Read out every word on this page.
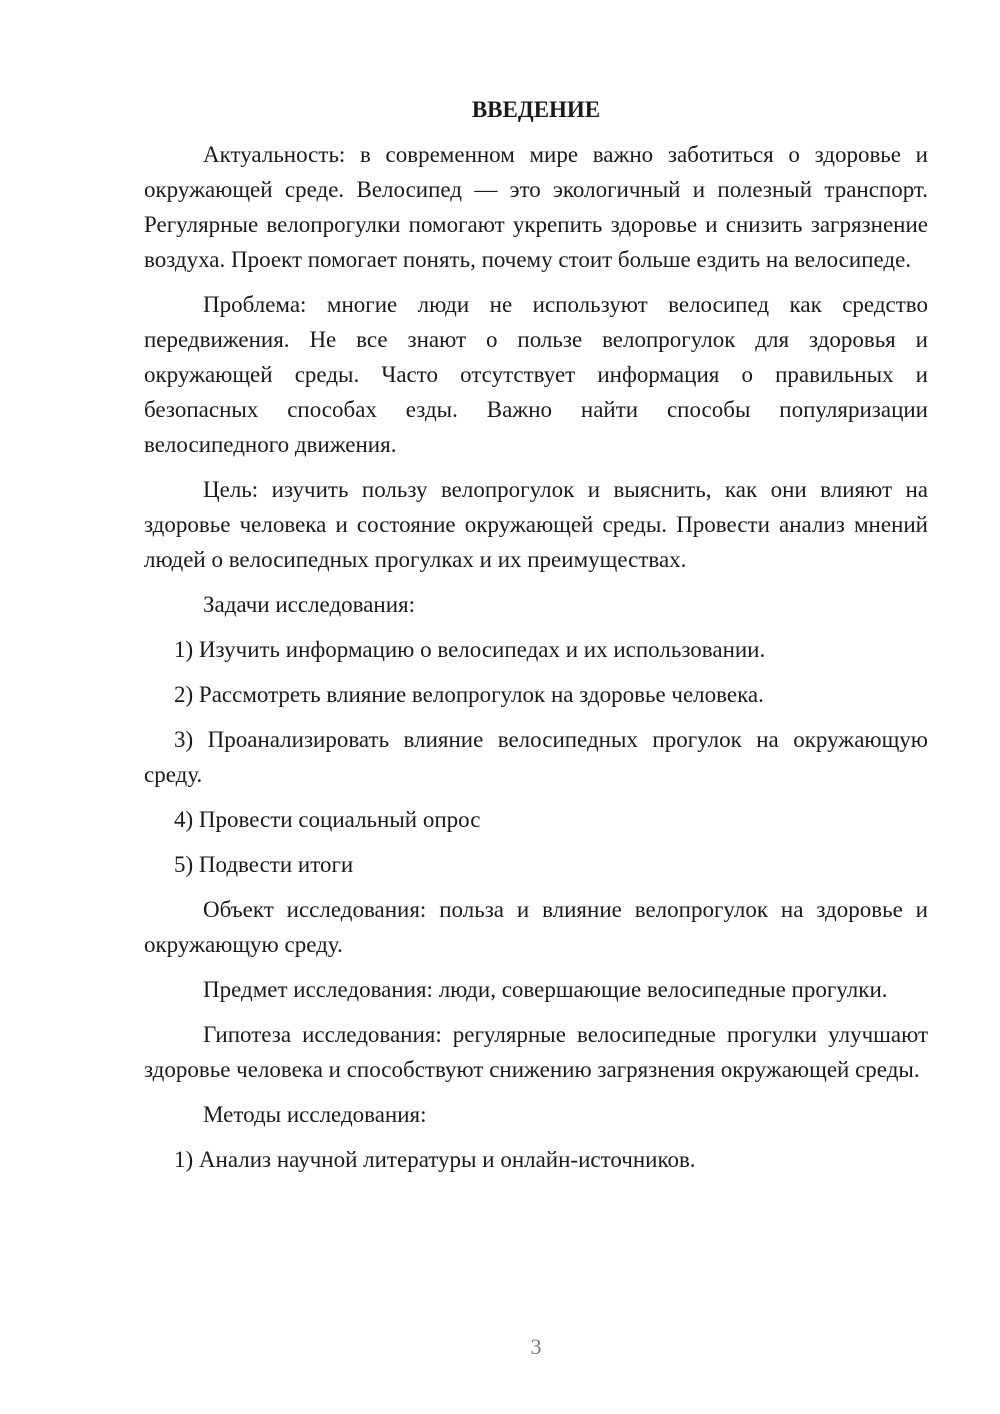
ВВЕДЕНИЕ

Актуальность: в современном мире важно заботиться о здоровье и окружающей среде. Велосипед — это экологичный и полезный транспорт. Регулярные велопрогулки помогают укрепить здоровье и снизить загрязнение воздуха. Проект помогает понять, почему стоит больше ездить на велосипеде.

Проблема: многие люди не используют велосипед как средство передвижения. Не все знают о пользе велопрогулок для здоровья и окружающей среды. Часто отсутствует информация о правильных и безопасных способах езды. Важно найти способы популяризации велосипедного движения.

Цель: изучить пользу велопрогулок и выяснить, как они влияют на здоровье человека и состояние окружающей среды. Провести анализ мнений людей о велосипедных прогулках и их преимуществах.

Задачи исследования:

1) Изучить информацию о велосипедах и их использовании.

2) Рассмотреть влияние велопрогулок на здоровье человека.

3) Проанализировать влияние велосипедных прогулок на окружающую среду.

4) Провести социальный опрос

5) Подвести итоги

Объект исследования: польза и влияние велопрогулок на здоровье и окружающую среду.

Предмет исследования: люди, совершающие велосипедные прогулки.

Гипотеза исследования: регулярные велосипедные прогулки улучшают здоровье человека и способствуют снижению загрязнения окружающей среды.

Методы исследования:

1) Анализ научной литературы и онлайн-источников.

3
